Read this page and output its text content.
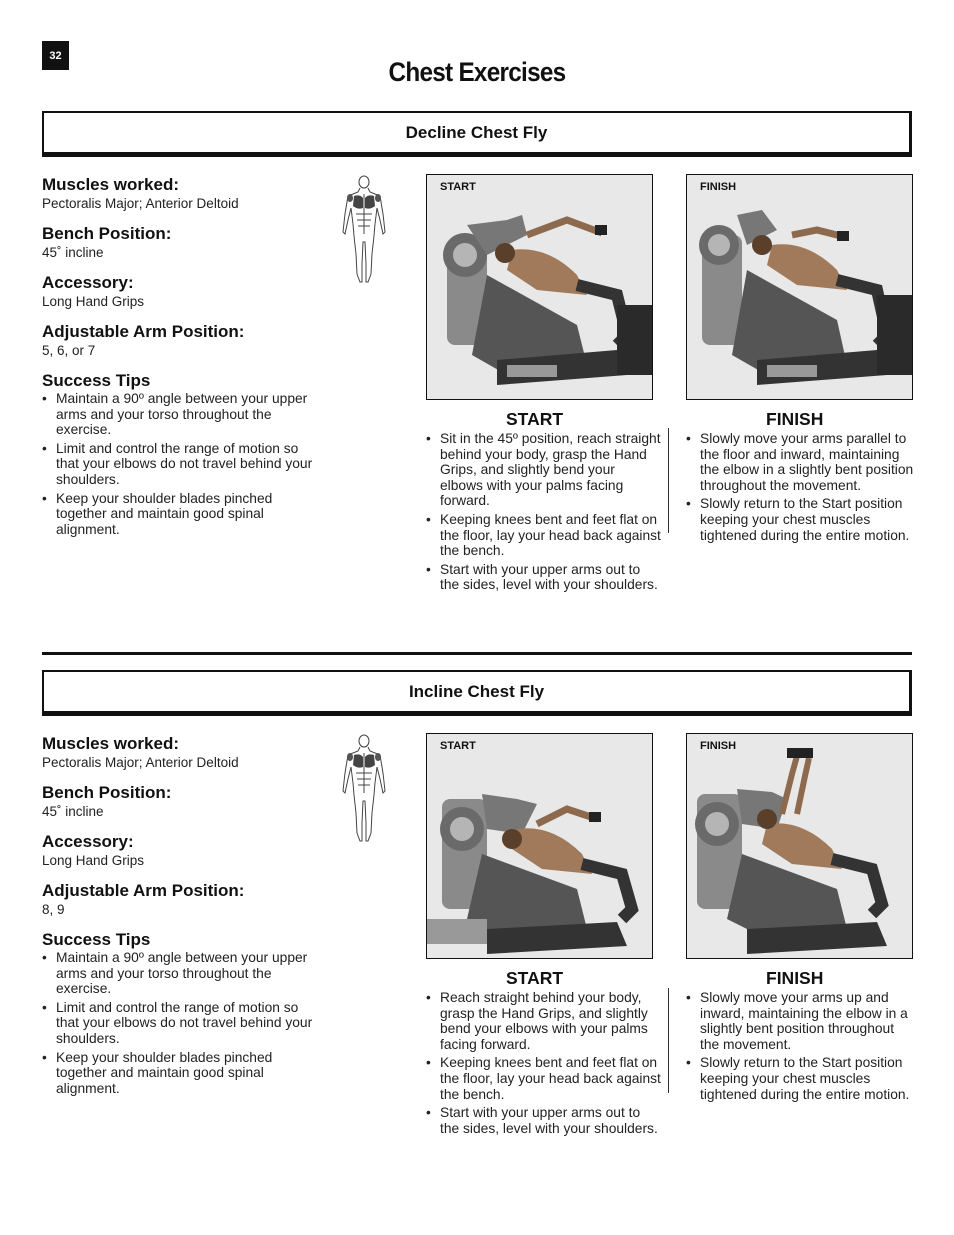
32
Chest Exercises
Decline Chest Fly
Muscles worked:
Pectoralis Major; Anterior Deltoid
Bench Position:
45˚ incline
Accessory:
Long Hand Grips
Adjustable Arm Position:
5, 6, or 7
Success Tips
• Maintain a 90º angle between your upper arms and your torso throughout the exercise.
• Limit and control the range of motion so that your elbows do not travel behind your shoulders.
• Keep your shoulder blades pinched together and maintain good spinal alignment.
START	FINISH
START
• Sit in the 45º position, reach straight behind your body, grasp the Hand Grips, and slightly bend your elbows with your palms facing forward.
• Keeping knees bent and feet flat on the floor, lay your head back against the bench.
• Start with your upper arms out to the sides, level with your shoulders.
FINISH
• Slowly move your arms parallel to the floor and inward, maintaining the elbow in a slightly bent position throughout the movement.
• Slowly return to the Start position keeping your chest muscles tightened during the entire motion.
Incline Chest Fly
Muscles worked:
Pectoralis Major; Anterior Deltoid
Bench Position:
45˚ incline
Accessory:
Long Hand Grips
Adjustable Arm Position:
8, 9
Success Tips
• Maintain a 90º angle between your upper arms and your torso throughout the exercise.
• Limit and control the range of motion so that your elbows do not travel behind your shoulders.
• Keep your shoulder blades pinched together and maintain good spinal alignment.
START	FINISH
START
• Reach straight behind your body, grasp the Hand Grips, and slightly bend your elbows with your palms facing forward.
• Keeping knees bent and feet flat on the floor, lay your head back against the bench.
• Start with your upper arms out to the sides, level with your shoulders.
FINISH
• Slowly move your arms up and inward, maintaining the elbow in a slightly bent position throughout the movement.
• Slowly return to the Start position keeping your chest muscles tightened during the entire motion.
